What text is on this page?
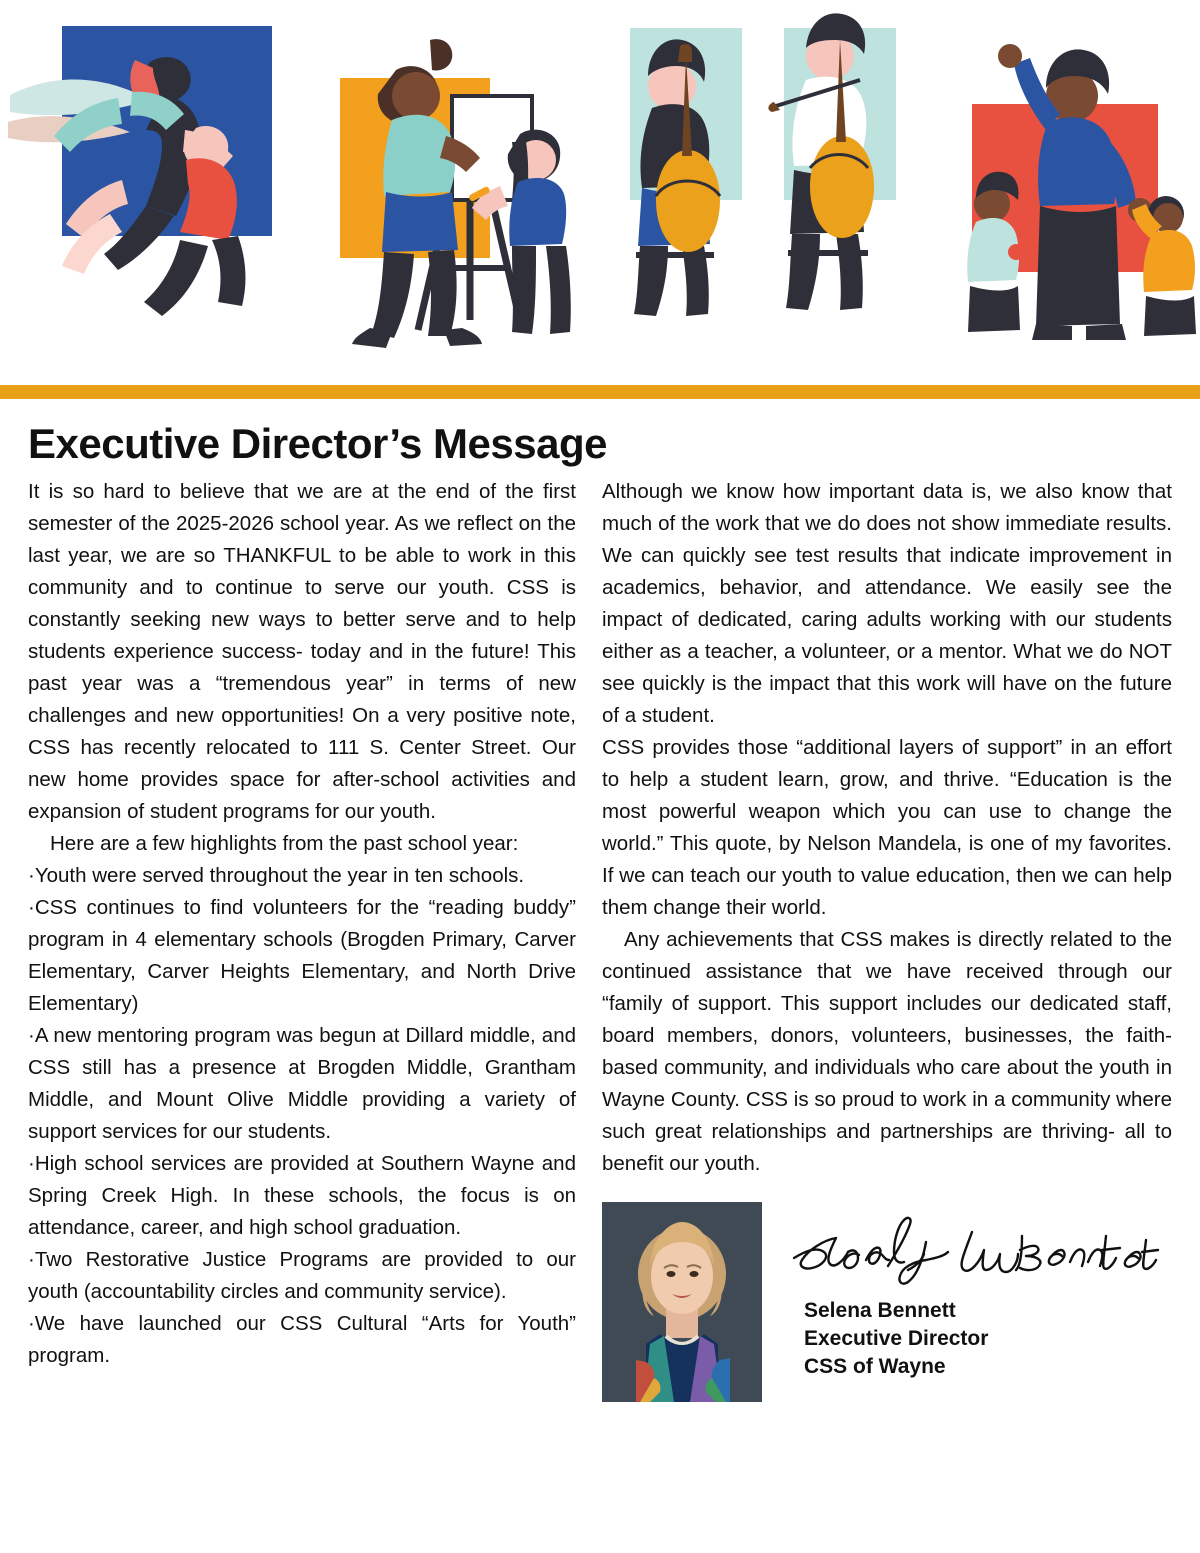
Executive Director’s Message

It is so hard to believe that we are at the end of the first semester of the 2025-2026 school year. As we reflect on the last year, we are so THANKFUL to be able to work in this community and to continue to serve our youth. CSS is constantly seeking new ways to better serve and to help students experience success- today and in the future! This past year was a “tremendous year” in terms of new challenges and new opportunities! On a very positive note, CSS has recently relocated to 111 S. Center Street. Our new home provides space for after-school activities and expansion of student programs for our youth.

Here are a few highlights from the past school year:

·Youth were served throughout the year in ten schools.

·CSS continues to find volunteers for the “reading buddy” program in 4 elementary schools (Brogden Primary, Carver Elementary, Carver Heights Elementary, and North Drive Elementary)

·A new mentoring program was begun at Dillard middle, and CSS still has a presence at Brogden Middle, Grantham Middle, and Mount Olive Middle providing a variety of support services for our students.

·High school services are provided at Southern Wayne and Spring Creek High. In these schools, the focus is on attendance, career, and high school graduation.

·Two Restorative Justice Programs are provided to our youth (accountability circles and community service).

·We have launched our CSS Cultural “Arts for Youth” program.

Although we know how important data is, we also know that much of the work that we do does not show immediate results. We can quickly see test results that indicate improvement in academics, behavior, and attendance. We easily see the impact of dedicated, caring adults working with our students either as a teacher, a volunteer, or a mentor. What we do NOT see quickly is the impact that this work will have on the future of a student.

CSS provides those “additional layers of support” in an effort to help a student learn, grow, and thrive. “Education is the most powerful weapon which you can use to change the world.” This quote, by Nelson Mandela, is one of my favorites. If we can teach our youth to value education, then we can help them change their world.

Any achievements that CSS makes is directly related to the continued assistance that we have received through our “family of support. This support includes our dedicated staff, board members, donors, volunteers, businesses, the faith-based community, and individuals who care about the youth in Wayne County. CSS is so proud to work in a community where such great relationships and partnerships are thriving- all to benefit our youth.

Selena Bennett
Executive Director
CSS of Wayne
